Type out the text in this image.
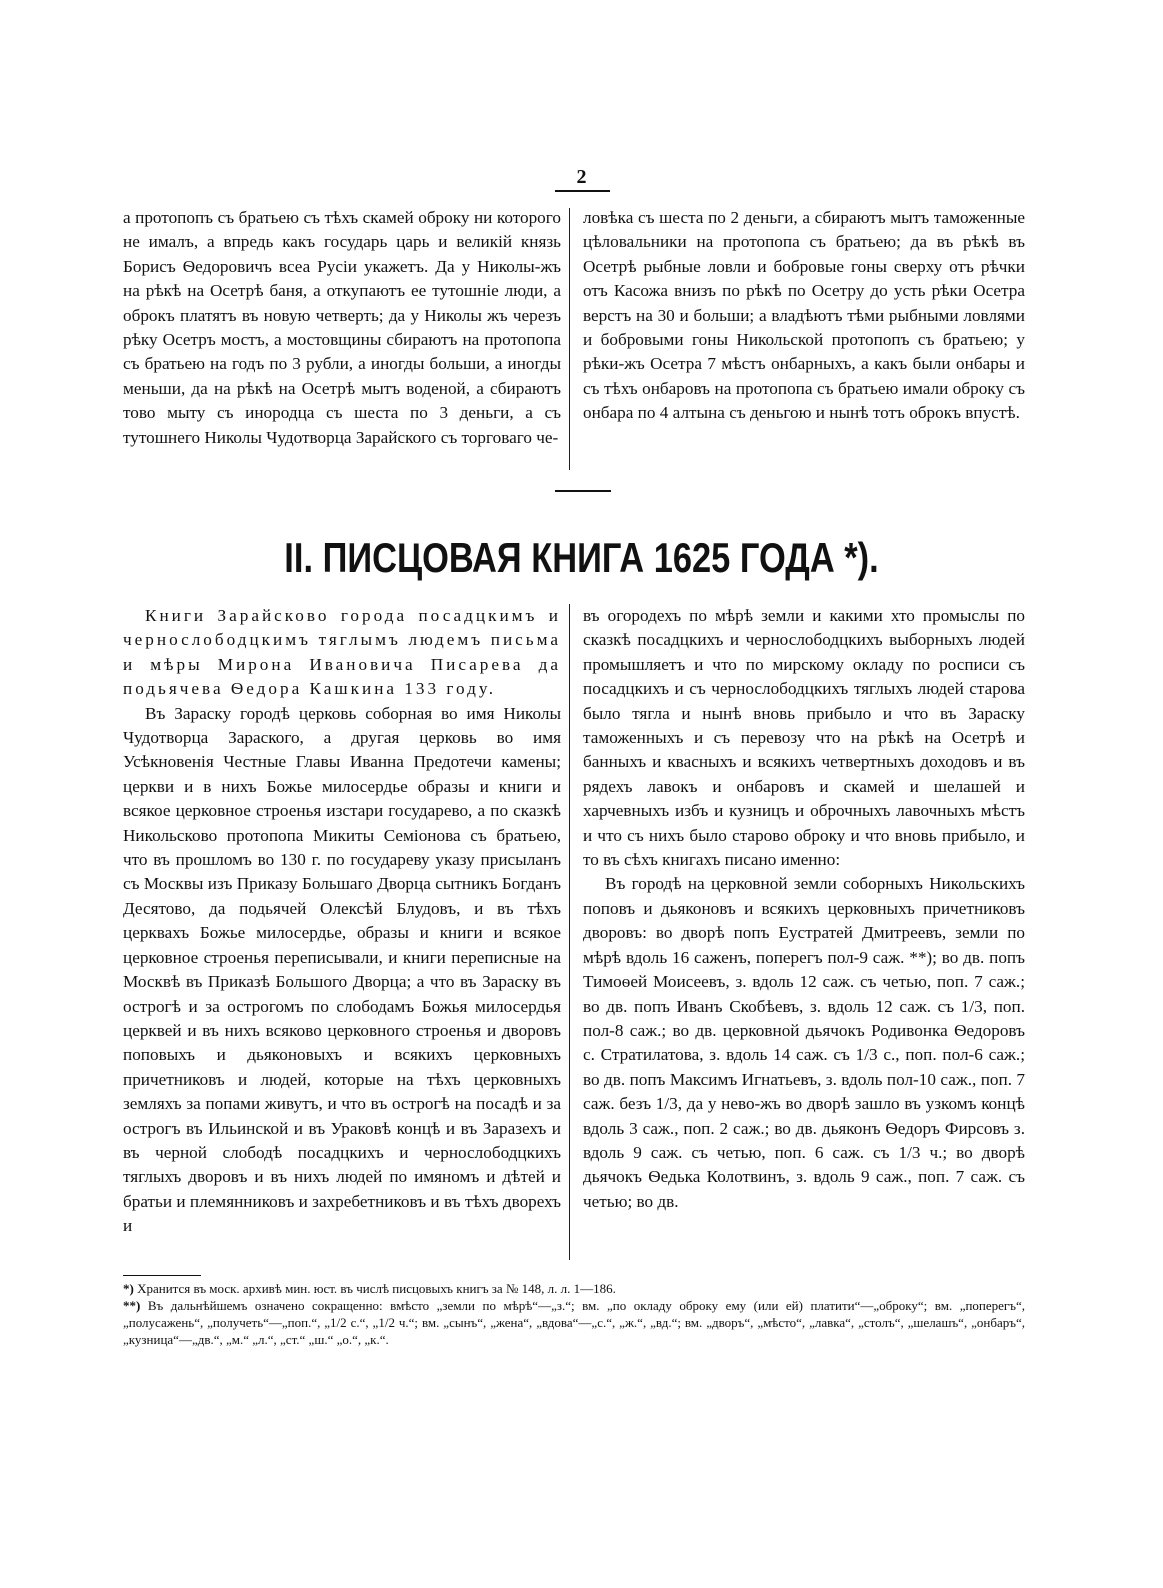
2

а протопопъ съ братьею съ тѣхъ скамей оброку ни которого не ималъ, а впредь какъ государь царь и великій князь Борисъ Ѳедоровичъ всеа Русіи укажетъ. Да у Николы-жъ на рѣкѣ на Осетрѣ баня, а откупаютъ ее тутошніе люди, а оброкъ платятъ въ новую четверть; да у Николы жъ черезъ рѣку Осетръ мостъ, а мостовщины сбираютъ на протопопа съ братьею на годъ по 3 рубли, а иногды больши, а иногды меньши, да на рѣкѣ на Осетрѣ мытъ воденой, а сбираютъ тово мыту съ инородца съ шеста по 3 деньги, а съ тутошнего Николы Чудотворца Зарайского съ торговаго че-

ловѣка съ шеста по 2 деньги, а сбираютъ мытъ таможенные цѣловальники на протопопа съ братьею; да въ рѣкѣ въ Осетрѣ рыбные ловли и бобровые гоны сверху отъ рѣчки отъ Касожа внизъ по рѣкѣ по Осетру до усть рѣки Осетра верстъ на 30 и больши; а владѣютъ тѣми рыбными ловлями и бобровыми гоны Никольской протопопъ съ братьею; у рѣки-жъ Осетра 7 мѣстъ онбарныхъ, а какъ были онбары и съ тѣхъ онбаровъ на протопопа съ братьею имали оброку съ онбара по 4 алтына съ деньгою и нынѣ тотъ оброкъ впустѣ.

II. ПИСЦОВАЯ КНИГА 1625 ГОДА *).

Книги Зарайсково города посадцкимъ и чернослободцкимъ тяглымъ людемъ письма и мѣры Мирона Ивановича Писарева да подьячева Ѳедора Кашкина 133 году.

Въ Зараску городѣ церковь соборная во имя Николы Чудотворца Зараского, а другая церковь во имя Усѣкновенія Честные Главы Иванна Предотечи камены; церкви и в нихъ Божье милосердье образы и книги и всякое церковное строенья изстари государево, а по сказкѣ Никольсково протопопа Микиты Семіонова съ братьею, что въ прошломъ во 130 г. по государеву указу присыланъ съ Москвы изъ Приказу Большаго Дворца сытникъ Богданъ Десятово, да подьячей Олексѣй Блудовъ, и въ тѣхъ церквахъ Божье милосердье, образы и книги и всякое церковное строенья переписывали, и книги переписные на Москвѣ въ Приказѣ Большого Дворца; а что въ Зараску въ острогѣ и за острогомъ по слободамъ Божья милосердья церквей и въ нихъ всяково церковного строенья и дворовъ поповыхъ и дьяконовыхъ и всякихъ церковныхъ причетниковъ и людей, которые на тѣхъ церковныхъ земляхъ за попами живутъ, и что въ острогѣ на посадѣ и за острогъ въ Ильинской и въ Ураковѣ концѣ и въ Заразехъ и въ черной слободѣ посадцкихъ и чернослободцкихъ тяглыхъ дворовъ и въ нихъ людей по имяномъ и дѣтей и братьи и племянниковъ и захребетниковъ и въ тѣхъ дворехъ и

въ огородехъ по мѣрѣ земли и какими хто промыслы по сказкѣ посадцкихъ и чернослободцкихъ выборныхъ людей промышляетъ и что по мирскому окладу по росписи съ посадцкихъ и съ чернослободцкихъ тяглыхъ людей старова было тягла и нынѣ вновь прибыло и что въ Зараску таможенныхъ и съ перевозу что на рѣкѣ на Осетрѣ и банныхъ и квасныхъ и всякихъ четвертныхъ доходовъ и въ рядехъ лавокъ и онбаровъ и скамей и шелашей и харчевныхъ избъ и кузницъ и оброчныхъ лавочныхъ мѣстъ и что съ нихъ было старово оброку и что вновь прибыло, и то въ сѣхъ книгахъ писано именно:

Въ городѣ на церковной земли соборныхъ Никольскихъ поповъ и дьяконовъ и всякихъ церковныхъ причетниковъ дворовъ: во дворѣ попъ Еустратей Дмитреевъ, земли по мѣрѣ вдоль 16 саженъ, поперегъ пол-9 саж. **); во дв. попъ Тимоѳей Моисеевъ, з. вдоль 12 саж. съ четью, поп. 7 саж.; во дв. попъ Иванъ Скобѣевъ, з. вдоль 12 саж. съ 1/3, поп. пол-8 саж.; во дв. церковной дьячокъ Родивонка Ѳедоровъ с. Стратилатова, з. вдоль 14 саж. съ 1/3 с., поп. пол-6 саж.; во дв. попъ Максимъ Игнатьевъ, з. вдоль пол-10 саж., поп. 7 саж. безъ 1/3, да у нево-жъ во дворѣ зашло въ узкомъ концѣ вдоль 3 саж., поп. 2 саж.; во дв. дьяконъ Ѳедоръ Фирсовъ з. вдоль 9 саж. съ четью, поп. 6 саж. съ 1/3 ч.; во дворѣ дьячокъ Ѳедька Колотвинъ, з. вдоль 9 саж., поп. 7 саж. съ четью; во дв.

*) Хранится въ моск. архивѣ мин. юст. въ числѣ писцовыхъ книгъ за № 148, л. л. 1—186.

**) Въ дальнѣйшемъ означено сокращенно: вмѣсто „земли по мѣрѣ“—„з.“; вм. „по окладу оброку ему (или ей) платити“—„оброку“; вм. „поперегъ“, „полусажень“, „получеть“—„поп.“, „1/2 с.“, „1/2 ч.“; вм. „сынъ“, „жена“, „вдова“—„с.“, „ж.“, „вд.“; вм. „дворъ“, „мѣсто“, „лавка“, „столъ“, „шелашъ“, „онбаръ“, „кузница“—„дв.“, „м.“ „л.“, „ст.“ „ш.“ „о.“, „к.“.
